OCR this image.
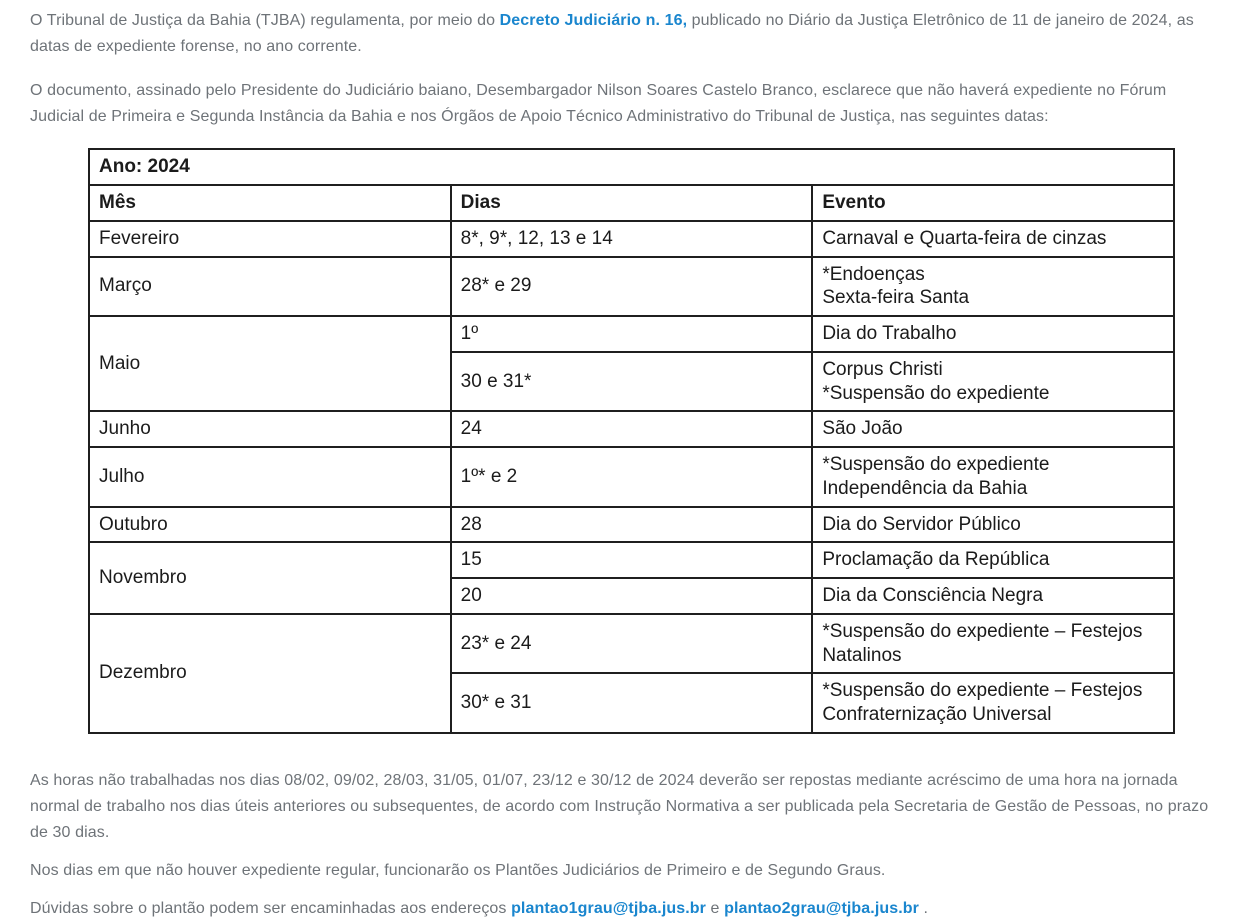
O Tribunal de Justiça da Bahia (TJBA) regulamenta, por meio do Decreto Judiciário n. 16, publicado no Diário da Justiça Eletrônico de 11 de janeiro de 2024, as datas de expediente forense, no ano corrente.

O documento, assinado pelo Presidente do Judiciário baiano, Desembargador Nilson Soares Castelo Branco, esclarece que não haverá expediente no Fórum Judicial de Primeira e Segunda Instância da Bahia e nos Órgãos de Apoio Técnico Administrativo do Tribunal de Justiça, nas seguintes datas:

Ano: 2024		
Mês	Dias	Evento
Fevereiro	8*, 9*, 12, 13 e 14	Carnaval e Quarta-feira de cinzas

Março	28* e 29	*Endoenças
Sexta-feira Santa

Maio	1º	Dia do Trabalho

	30 e 31*	Corpus Christi
*Suspensão do expediente

Junho	24	São João

Julho	1º* e 2	*Suspensão do expediente
Independência da Bahia

Outubro	28	Dia do Servidor Público

Novembro	15	Proclamação da República

	20	Dia da Consciência Negra

Dezembro	23* e 24	*Suspensão do expediente – Festejos Natalinos

	30* e 31	*Suspensão do expediente – Festejos Confraternização Universal

As horas não trabalhadas nos dias 08/02, 09/02, 28/03, 31/05, 01/07, 23/12 e 30/12 de 2024 deverão ser repostas mediante acréscimo de uma hora na jornada normal de trabalho nos dias úteis anteriores ou subsequentes, de acordo com Instrução Normativa a ser publicada pela Secretaria de Gestão de Pessoas, no prazo de 30 dias.

Nos dias em que não houver expediente regular, funcionarão os Plantões Judiciários de Primeiro e de Segundo Graus.

Dúvidas sobre o plantão podem ser encaminhadas aos endereços plantao1grau@tjba.jus.br e plantao2grau@tjba.jus.br .
